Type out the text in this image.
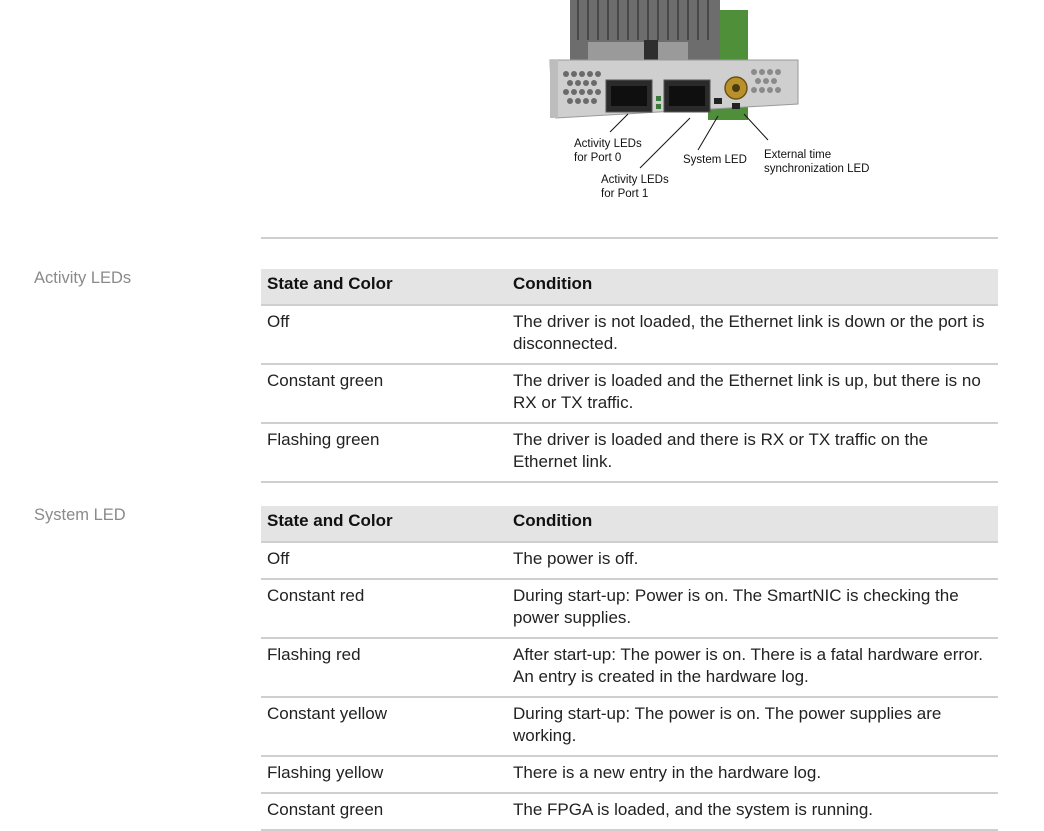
Activity LEDs
for Port 0
Activity LEDs
for Port 1
System LED External time
synchronization LED
Activity LEDs	State and Color	Condition
Off	The driver is not loaded, the Ethernet link is down or the port is disconnected.
Constant green	The driver is loaded and the Ethernet link is up, but there is no RX or TX traffic.
Flashing green	The driver is loaded and there is RX or TX traffic on the Ethernet link.
System LED	State and Color	Condition
Off	The power is off.
Constant red	During start-up: Power is on. The SmartNIC is checking the power supplies.
Flashing red	After start-up: The power is on. There is a fatal hardware error. An entry is created in the hardware log.
Constant yellow	During start-up: The power is on. The power supplies are working.
Flashing yellow	There is a new entry in the hardware log.
Constant green	The FPGA is loaded, and the system is running.
